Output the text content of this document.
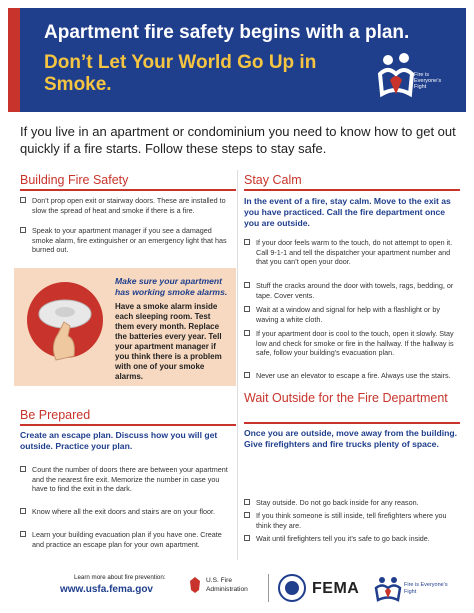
Apartment fire safety begins with a plan.
Don’t Let Your World Go Up in Smoke.	Fire is Everyone’s Fight
If you live in an apartment or condominium you need to know how to get out quickly if a fire starts. Follow these steps to stay safe.
Building Fire Safety
Don’t prop open exit or stairway doors. These are installed to slow the spread of heat and smoke if there is a fire.
Speak to your apartment manager if you see a damaged smoke alarm, fire extinguisher or an emergency light that has burned out.
Make sure your apartment has working smoke alarms.
Have a smoke alarm inside each sleeping room. Test them every month. Replace the batteries every year. Tell your apartment manager if you think there is a problem with one of your smoke alarms.
Be Prepared
Create an escape plan. Discuss how you will get outside. Practice your plan.
Count the number of doors there are between your apartment and the nearest fire exit. Memorize the number in case you have to find the exit in the dark.
Know where all the exit doors and stairs are on your floor.
Learn your building evacuation plan if you have one. Create and practice an escape plan for your own apartment.
Stay Calm
In the event of a fire, stay calm. Move to the exit as you have practiced. Call the fire department once you are outside.
If your door feels warm to the touch, do not attempt to open it. Call 9-1-1 and tell the dispatcher your apartment number and that you can’t open your door.
Stuff the cracks around the door with towels, rags, bedding, or tape. Cover vents.
Wait at a window and signal for help with a flashlight or by waving a white cloth.
If your apartment door is cool to the touch, open it slowly. Stay low and check for smoke or fire in the hallway. If the hallway is safe, follow your building’s evacuation plan.
Never use an elevator to escape a fire. Always use the stairs.
Wait Outside for the Fire Department
Once you are outside, move away from the building. Give firefighters and fire trucks plenty of space.
Stay outside. Do not go back inside for any reason.
If you think someone is still inside, tell firefighters where you think they are.
Wait until firefighters tell you it’s safe to go back inside.
Learn more about fire prevention:
www.usfa.fema.gov
U.S. Fire Administration	FEMA	Fire is Everyone’s Fight
